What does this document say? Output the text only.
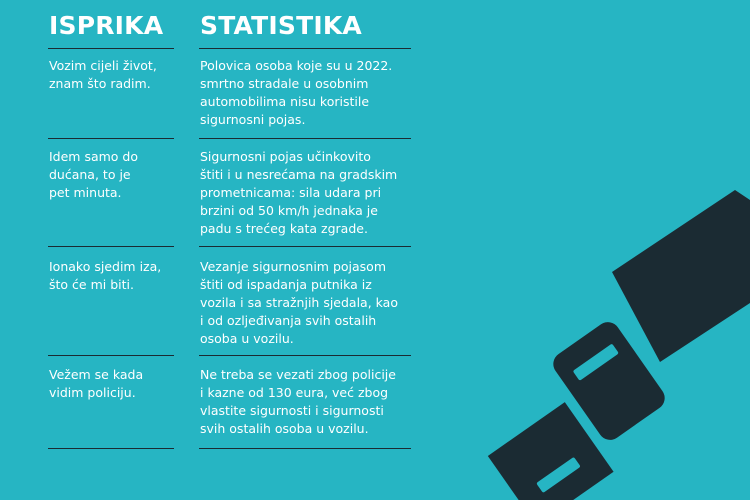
ISPRIKA STATISTIKA

Vozim cijeli život,
znam što radim.

Polovica osoba koje su u 2022.
smrtno stradale u osobnim
automobilima nisu koristile
sigurnosni pojas.

Idem samo do
dućana, to je
pet minuta.

Sigurnosni pojas učinkovito
štiti i u nesrećama na gradskim
prometnicama: sila udara pri
brzini od 50 km/h jednaka je
padu s trećeg kata zgrade.

Ionako sjedim iza,
što će mi biti.

Vezanje sigurnosnim pojasom
štiti od ispadanja putnika iz
vozila i sa stražnjih sjedala, kao
i od ozljeđivanja svih ostalih
osoba u vozilu.

Vežem se kada
vidim policiju.

Ne treba se vezati zbog policije
i kazne od 130 eura, već zbog
vlastite sigurnosti i sigurnosti
svih ostalih osoba u vozilu.
